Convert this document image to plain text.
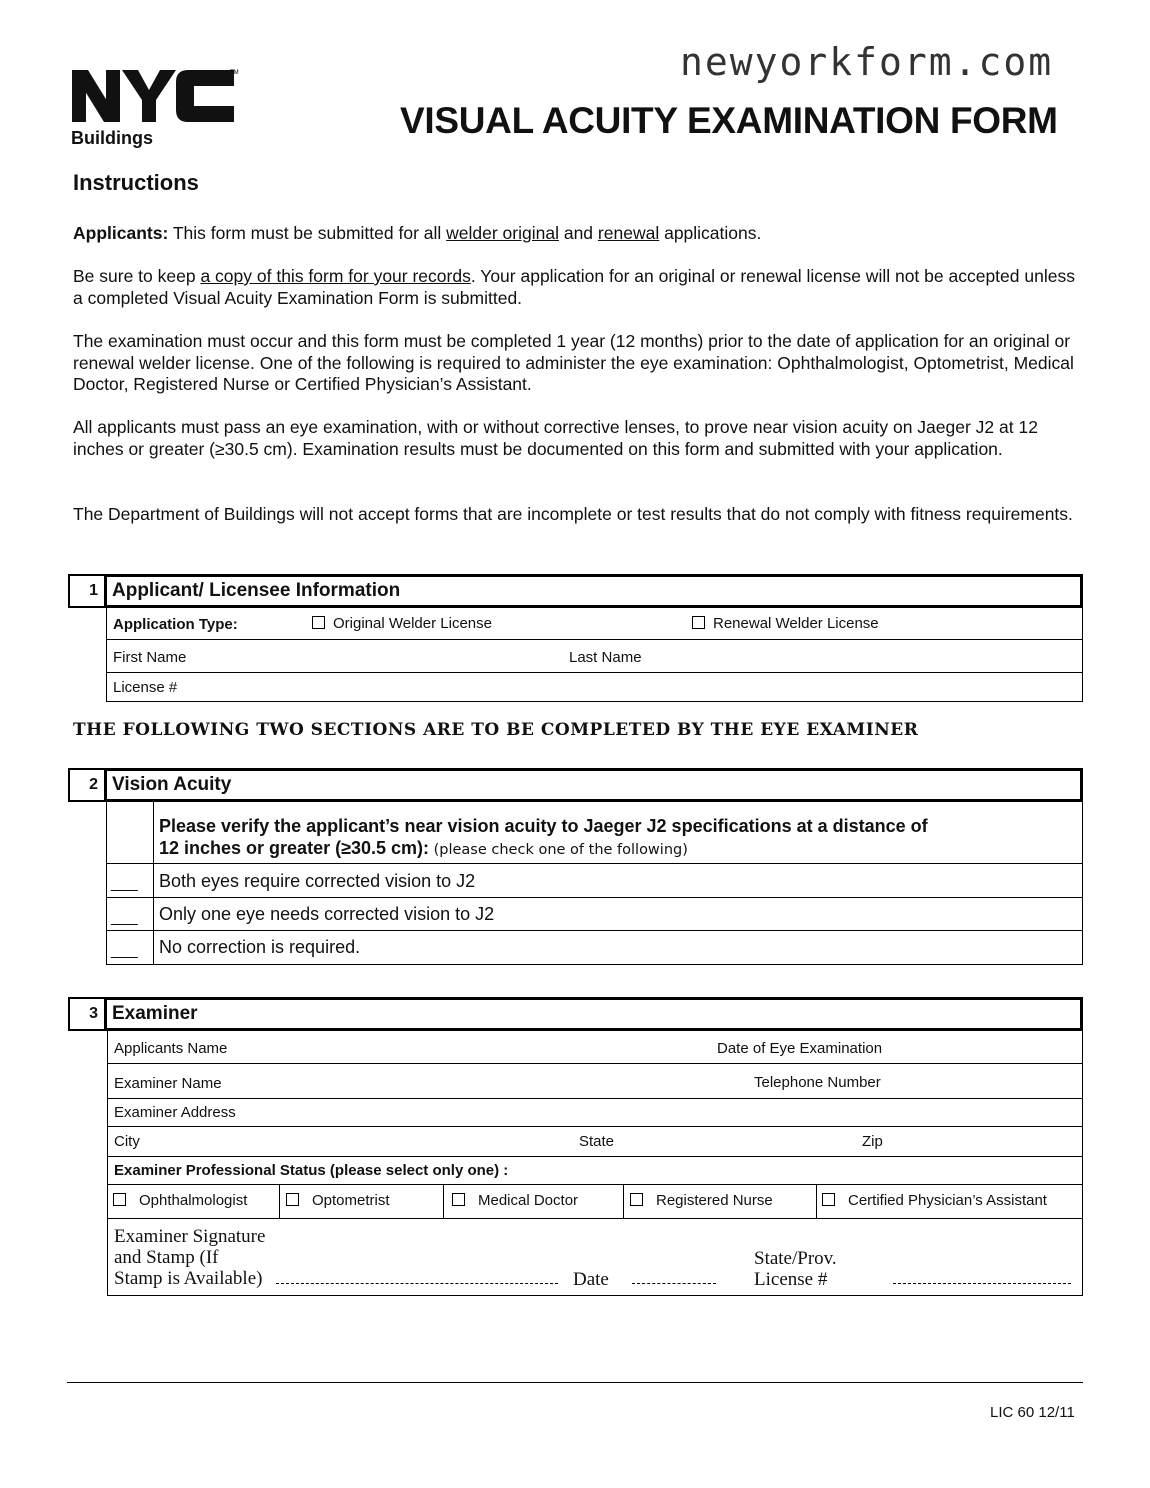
newyorkform.com
TM
Buildings	VISUAL ACUITY EXAMINATION FORM
Instructions
Applicants: This form must be submitted for all welder original and renewal applications.
Be sure to keep a copy of this form for your records. Your application for an original or renewal license will not be accepted unless a completed Visual Acuity Examination Form is submitted.
The examination must occur and this form must be completed 1 year (12 months) prior to the date of application for an original or renewal welder license. One of the following is required to administer the eye examination: Ophthalmologist, Optometrist, Medical Doctor, Registered Nurse or Certified Physician’s Assistant.
All applicants must pass an eye examination, with or without corrective lenses, to prove near vision acuity on Jaeger J2 at 12 inches or greater (≥30.5 cm). Examination results must be documented on this form and submitted with your application.
The Department of Buildings will not accept forms that are incomplete or test results that do not comply with fitness requirements.
1 Applicant/ Licensee Information
Application Type:	Original Welder License	Renewal Welder License
First Name	Last Name
License #
THE FOLLOWING TWO SECTIONS ARE TO BE COMPLETED BY THE EYE EXAMINER
2 Vision Acuity
Please verify the applicant’s near vision acuity to Jaeger J2 specifications at a distance of
12 inches or greater (≥30.5 cm): (please check one of the following)
___ Both eyes require corrected vision to J2
___ Only one eye needs corrected vision to J2
___ No correction is required.
3 Examiner
Applicants Name	Date of Eye Examination
Examiner Name	Telephone Number
Examiner Address
City	State	Zip
Examiner Professional Status (please select only one) :
Ophthalmologist	Optometrist	Medical Doctor	Registered Nurse	Certified Physician’s Assistant
Examiner Signature
and Stamp (If
Stamp is Available)	Date
State/Prov.
License #
LIC 60 12/11
